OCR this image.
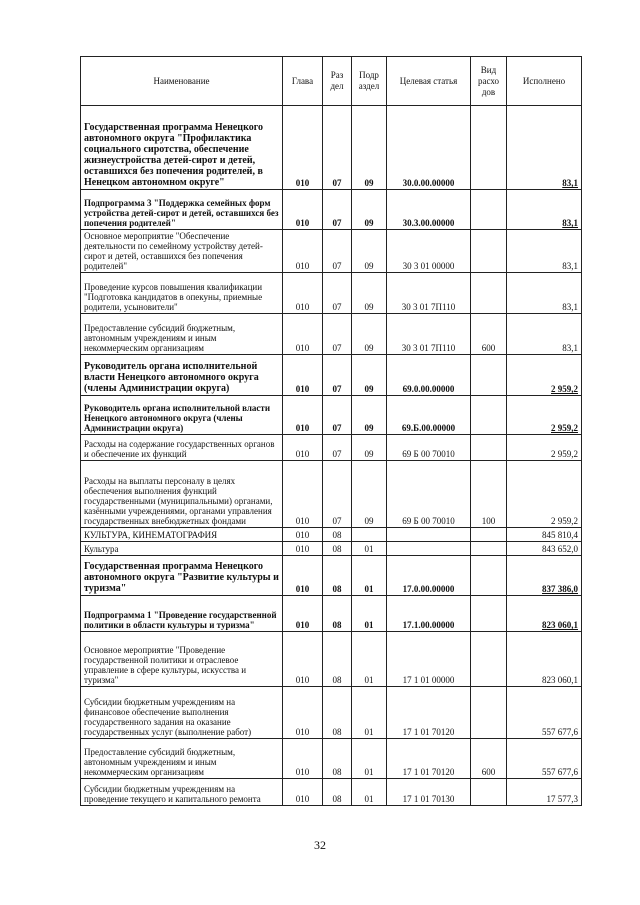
Наименование	Глава	Раз дел	Подр аздел	Целевая статья	Вид расхо дов	Исполнено
Государственная программа Ненецкого автономного округа "Профилактика социального сиротства, обеспечение жизнеустройства детей-сирот и детей, оставшихся без попечения родителей, в Ненецком автономном округе"	010	07	09	30.0.00.00000		83,1
Подпрограмма 3 "Поддержка семейных форм устройства детей-сирот и детей, оставшихся без попечения родителей"	010	07	09	30.3.00.00000		83,1
Основное мероприятие "Обеспечение деятельности по семейному устройству детей-сирот и детей, оставшихся без попечения родителей"	010	07	09	30 3 01 00000		83,1
Проведение курсов повышения квалификации "Подготовка кандидатов в опекуны, приемные родители, усыновители"	010	07	09	30 3 01 7П110		83,1
Предоставление субсидий бюджетным, автономным учреждениям и иным некоммерческим организациям	010	07	09	30 3 01 7П110	600	83,1
Руководитель органа исполнительной власти Ненецкого автономного округа (члены Администрации округа)	010	07	09	69.0.00.00000		2 959,2
Руководитель органа исполнительной власти Ненецкого автономного округа (члены Администрации округа)	010	07	09	69.Б.00.00000		2 959,2
Расходы на содержание государственных органов и обеспечение их функций	010	07	09	69 Б 00 70010		2 959,2
Расходы на выплаты персоналу в целях обеспечения выполнения функций государственными (муниципальными) органами, казёнными учреждениями, органами управления государственных внебюджетных фондами	010	07	09	69 Б 00 70010	100	2 959,2
КУЛЬТУРА, КИНЕМАТОГРАФИЯ	010	08				845 810,4
Культура	010	08	01			843 652,0
Государственная программа Ненецкого автономного округа "Развитие культуры и туризма"	010	08	01	17.0.00.00000		837 386,0
Подпрограмма 1 "Проведение государственной политики в области культуры и туризма"	010	08	01	17.1.00.00000		823 060,1
Основное мероприятие "Проведение государственной политики и отраслевое управление в сфере культуры, искусства и туризма"	010	08	01	17 1 01 00000		823 060,1
Субсидии бюджетным учреждениям на финансовое обеспечение выполнения государственного задания на оказание государственных услуг (выполнение работ)	010	08	01	17 1 01 70120		557 677,6
Предоставление субсидий бюджетным, автономным учреждениям и иным некоммерческим организациям	010	08	01	17 1 01 70120	600	557 677,6
Субсидии бюджетным учреждениям на проведение текущего и капитального ремонта	010	08	01	17 1 01 70130		17 577,3
32
